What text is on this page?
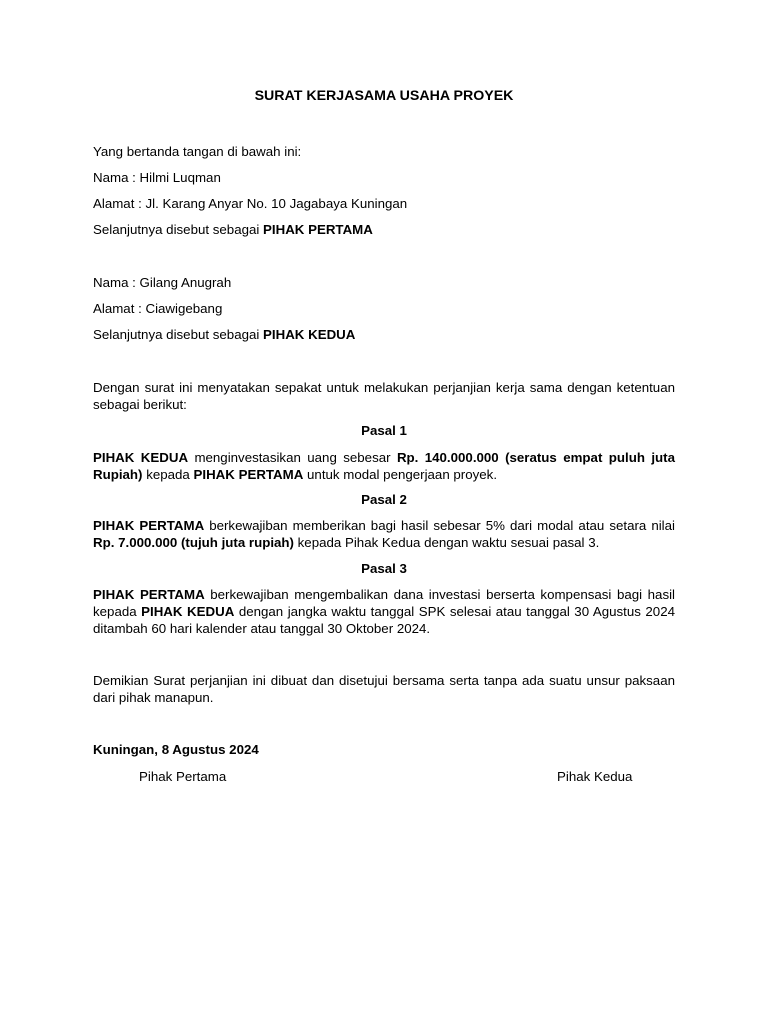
SURAT KERJASAMA USAHA PROYEK
Yang bertanda tangan di bawah ini:
Nama : Hilmi Luqman
Alamat : Jl. Karang Anyar No. 10 Jagabaya Kuningan
Selanjutnya disebut sebagai PIHAK PERTAMA
Nama : Gilang Anugrah
Alamat : Ciawigebang
Selanjutnya disebut sebagai PIHAK KEDUA
Dengan surat ini menyatakan sepakat untuk melakukan perjanjian kerja sama dengan ketentuan sebagai berikut:
Pasal 1
PIHAK KEDUA menginvestasikan uang sebesar Rp. 140.000.000 (seratus empat puluh juta Rupiah) kepada PIHAK PERTAMA untuk modal pengerjaan proyek.
Pasal 2
PIHAK PERTAMA berkewajiban memberikan bagi hasil sebesar 5% dari modal atau setara nilai Rp. 7.000.000 (tujuh juta rupiah) kepada Pihak Kedua dengan waktu sesuai pasal 3.
Pasal 3
PIHAK PERTAMA berkewajiban mengembalikan dana investasi berserta kompensasi bagi hasil kepada PIHAK KEDUA dengan jangka waktu tanggal SPK selesai atau tanggal 30 Agustus 2024 ditambah 60 hari kalender atau tanggal 30 Oktober 2024.
Demikian Surat perjanjian ini dibuat dan disetujui bersama serta tanpa ada suatu unsur paksaan dari pihak manapun.
Kuningan, 8 Agustus 2024
Pihak Pertama	Pihak Kedua
